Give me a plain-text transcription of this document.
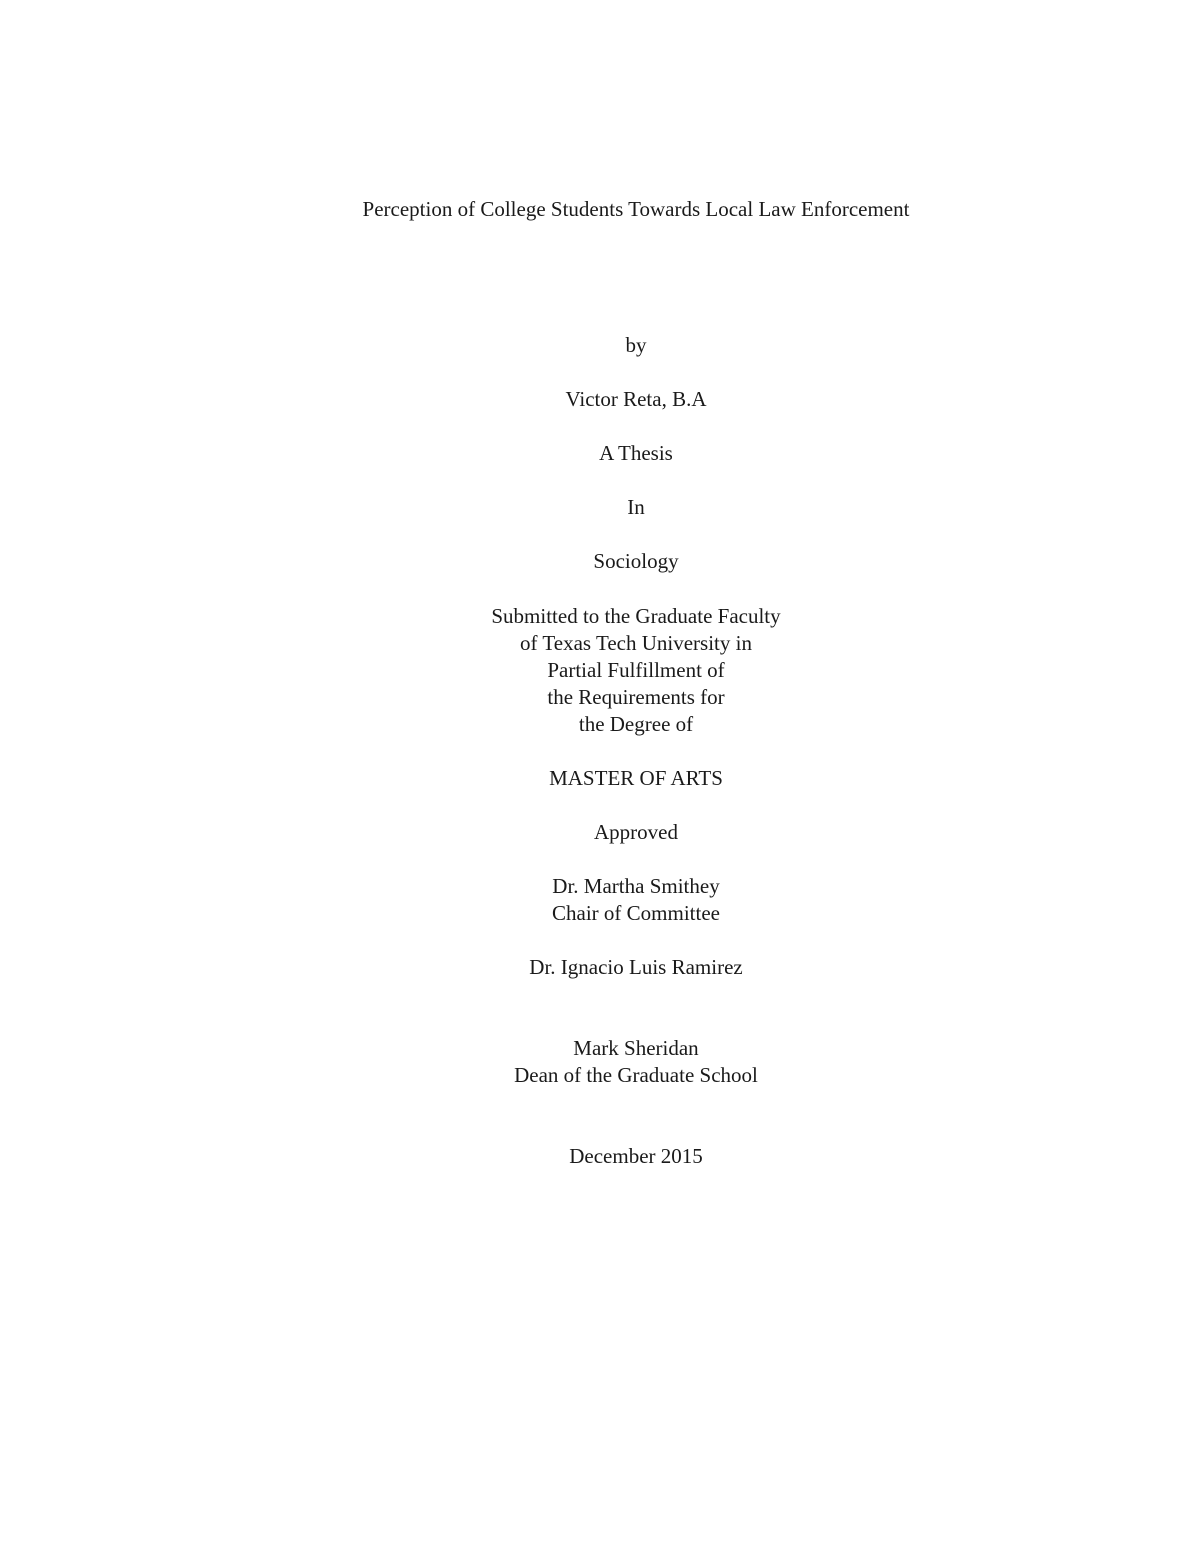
Perception of College Students Towards Local Law Enforcement
by
Victor Reta, B.A
A Thesis
In
Sociology
Submitted to the Graduate Faculty
of Texas Tech University in
Partial Fulfillment of
the Requirements for
the Degree of
MASTER OF ARTS
Approved
Dr. Martha Smithey
Chair of Committee
Dr. Ignacio Luis Ramirez
Mark Sheridan
Dean of the Graduate School
December 2015
